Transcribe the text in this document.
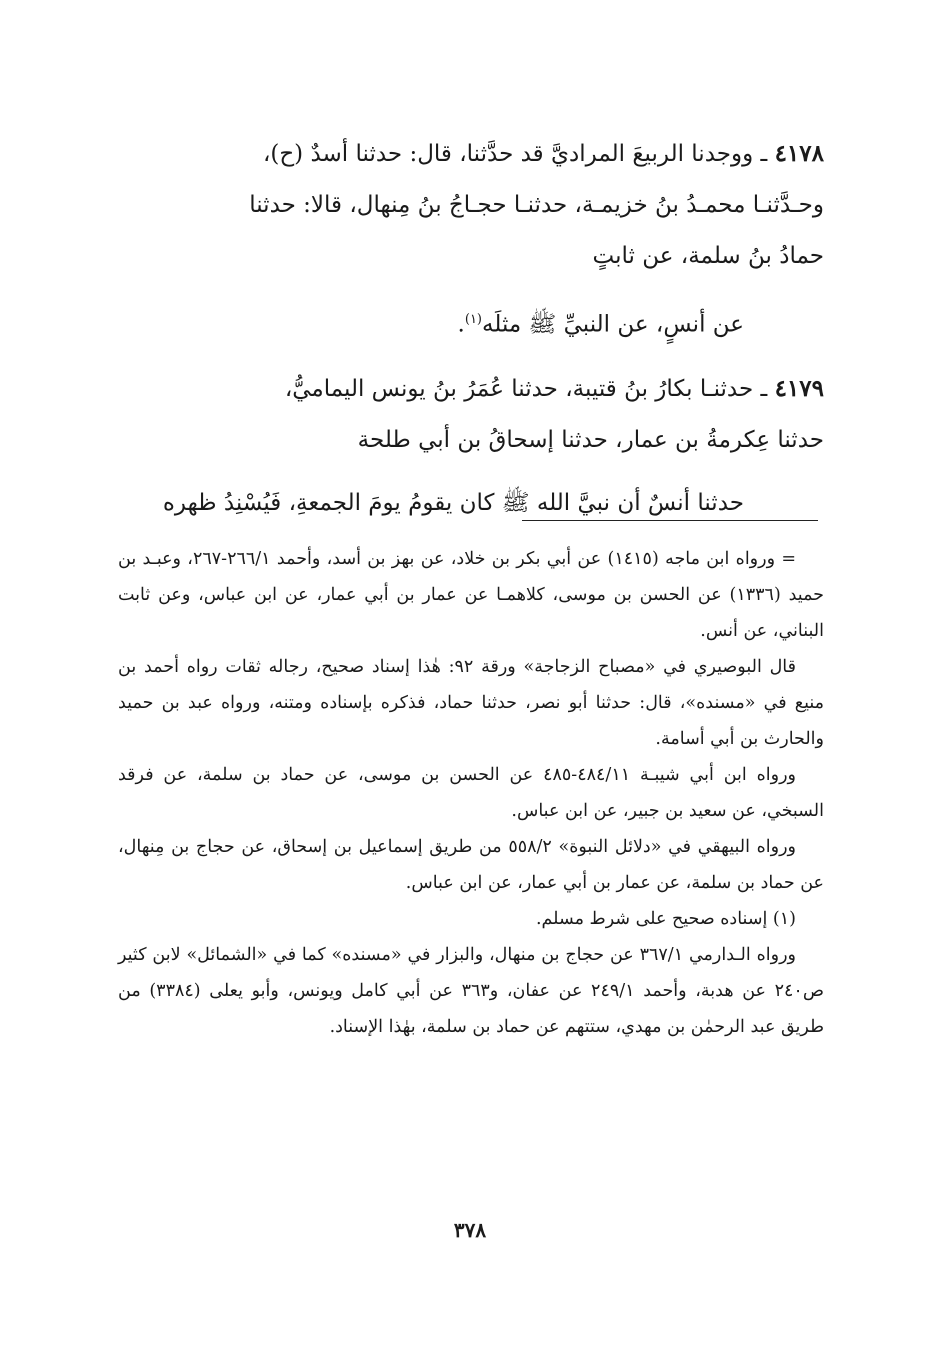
٤١٧٨ ـ ووجدنا الربيعَ المراديَّ قد حدَّثنا، قال: حدثنا أسدٌ (ح)،

وحـدَّثنـا محمـدُ بنُ خزيمـة، حدثنـا حجـاجُ بنُ مِنهال، قالا: حدثنا

حمادُ بنُ سلمة، عن ثابتٍ

عن أنسٍ، عن النبيِّ ﷺ مثلَه$^{(١)}$.

٤١٧٩ ـ حدثنـا بكارُ بنُ قتيبة، حدثنا عُمَرُ بنُ يونس اليماميُّ،

حدثنا عِكرمةُ بن عمار، حدثنا إسحاقُ بن أبي طلحة

حدثنا أنسٌ أن نبيَّ الله ﷺ كان يقومُ يومَ الجمعةِ، فَيُسْنِدُ ظهره

= ورواه ابن ماجه (١٤١٥) عن أبي بكر بن خلاد، عن بهز بن أسد، وأحمد ٢٦٦/١-٢٦٧، وعبـد بن حميد (١٣٣٦) عن الحسن بن موسى، كلاهمـا عن عمار بن أبي عمار، عن ابن عباس، وعن ثابت البناني، عن أنس.

قال البوصيري في «مصباح الزجاجة» ورقة ٩٢: هٰذا إسناد صحيح، رجاله ثقات رواه أحمد بن منيع في «مسنده»، قال: حدثنا أبو نصر، حدثنا حماد، فذكره بإسناده ومتنه، ورواه عبد بن حميد والحارث بن أبي أسامة.

ورواه ابن أبي شيبـة ٤٨٤/١١-٤٨٥ عن الحسن بن موسى، عن حماد بن سلمة، عن فرقد السبخي، عن سعيد بن جبير، عن ابن عباس.

ورواه البيهقي في «دلائل النبوة» ٥٥٨/٢ من طريق إسماعيل بن إسحاق، عن حجاج بن مِنهال، عن حماد بن سلمة، عن عمار بن أبي عمار، عن ابن عباس.

(١) إسناده صحيح على شرط مسلم.

ورواه الـدارمي ٣٦٧/١ عن حجاج بن منهال، والبزار في «مسنده» كما في «الشمائل» لابن كثير ص٢٤٠ عن هدبة، وأحمد ٢٤٩/١ عن عفان، و٣٦٣ عن أبي كامل ويونس، وأبو يعلى (٣٣٨٤) من طريق عبد الرحمٰن بن مهدي، ستتهم عن حماد بن سلمة، بهٰذا الإسناد.

٣٧٨
